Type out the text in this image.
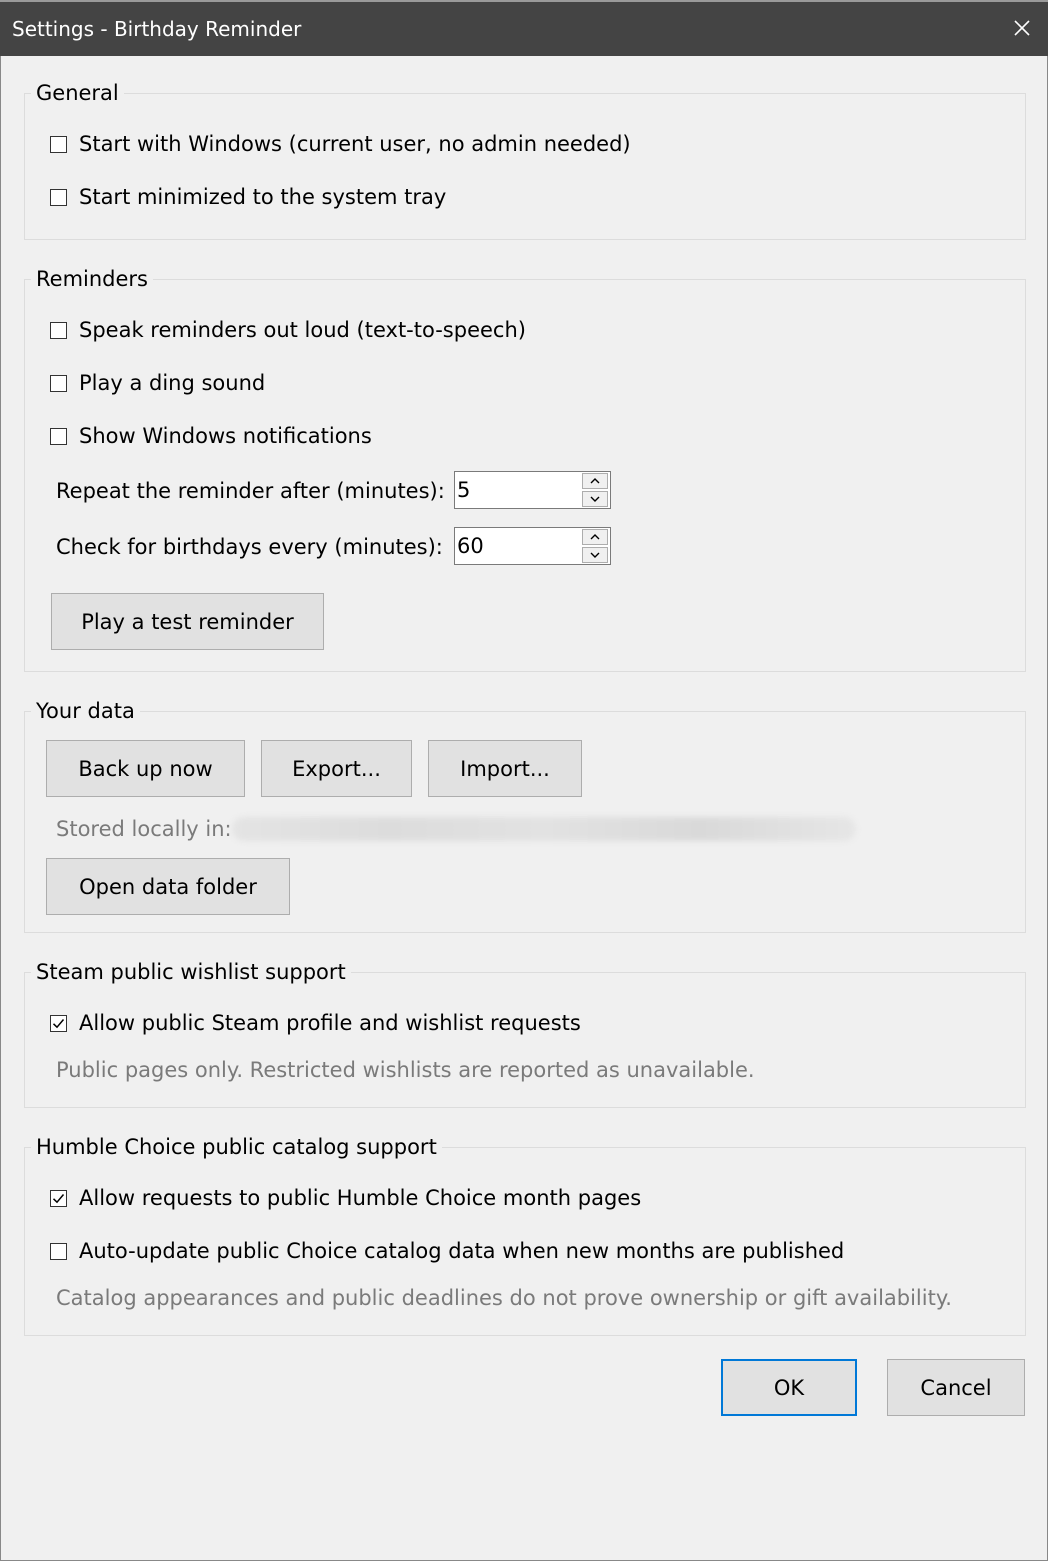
Settings - Birthday Reminder
General
Start with Windows (current user, no admin needed)
Start minimized to the system tray
Reminders
Speak reminders out loud (text-to-speech)
Play a ding sound
Show Windows notifications
Repeat the reminder after (minutes):
5
Check for birthdays every (minutes):
60
Play a test reminder
Your data
Back up now	Export...	Import...
Stored locally in:
Open data folder
Steam public wishlist support
Allow public Steam profile and wishlist requests
Public pages only. Restricted wishlists are reported as unavailable.
Humble Choice public catalog support
Allow requests to public Humble Choice month pages
Auto-update public Choice catalog data when new months are published
Catalog appearances and public deadlines do not prove ownership or gift availability.
OK	Cancel
